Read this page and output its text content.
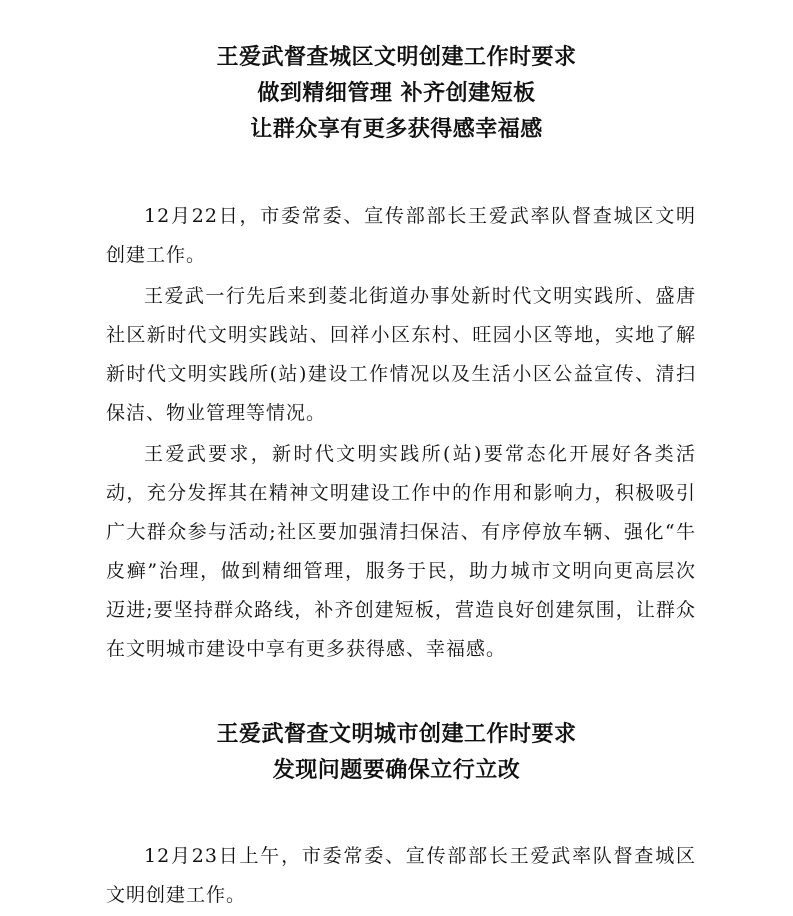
王爱武督查城区文明创建工作时要求
做到精细管理 补齐创建短板
让群众享有更多获得感幸福感

12月22日，市委常委、宣传部部长王爱武率队督查城区文明创建工作。

王爱武一行先后来到菱北街道办事处新时代文明实践所、盛唐社区新时代文明实践站、回祥小区东村、旺园小区等地，实地了解新时代文明实践所(站)建设工作情况以及生活小区公益宣传、清扫保洁、物业管理等情况。

王爱武要求，新时代文明实践所(站)要常态化开展好各类活动，充分发挥其在精神文明建设工作中的作用和影响力，积极吸引广大群众参与活动;社区要加强清扫保洁、有序停放车辆、强化“牛皮癣”治理，做到精细管理，服务于民，助力城市文明向更高层次迈进;要坚持群众路线，补齐创建短板，营造良好创建氛围，让群众在文明城市建设中享有更多获得感、幸福感。

王爱武督查文明城市创建工作时要求
发现问题要确保立行立改

12月23日上午，市委常委、宣传部部长王爱武率队督查城区文明创建工作。
